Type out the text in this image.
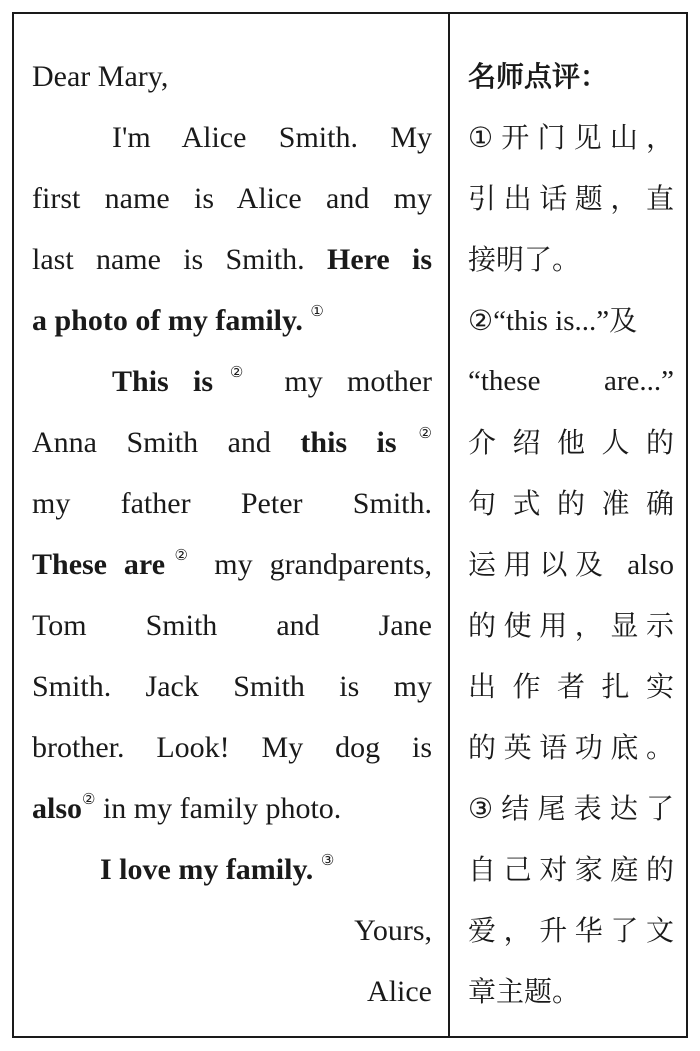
Dear Mary,
I'm Alice Smith. My
first name is Alice and my
last name is Smith. Here is
a photo of my family. ①
This is② my mother
Anna Smith and this is②
my father Peter Smith.
These are② my grandparents,
Tom Smith and Jane
Smith. Jack Smith is my
brother. Look! My dog is
also② in my family photo.
I love my family. ③
Yours,
Alice
名师点评：
①开门见山，
引出话题，直
接明了。
②“this is...”及
“these are...”
介绍他人的
句式的准确
运用以及 also
的使用，显示
出作者扎实
的英语功底。
③结尾表达了
自己对家庭的
爱，升华了文
章主题。
